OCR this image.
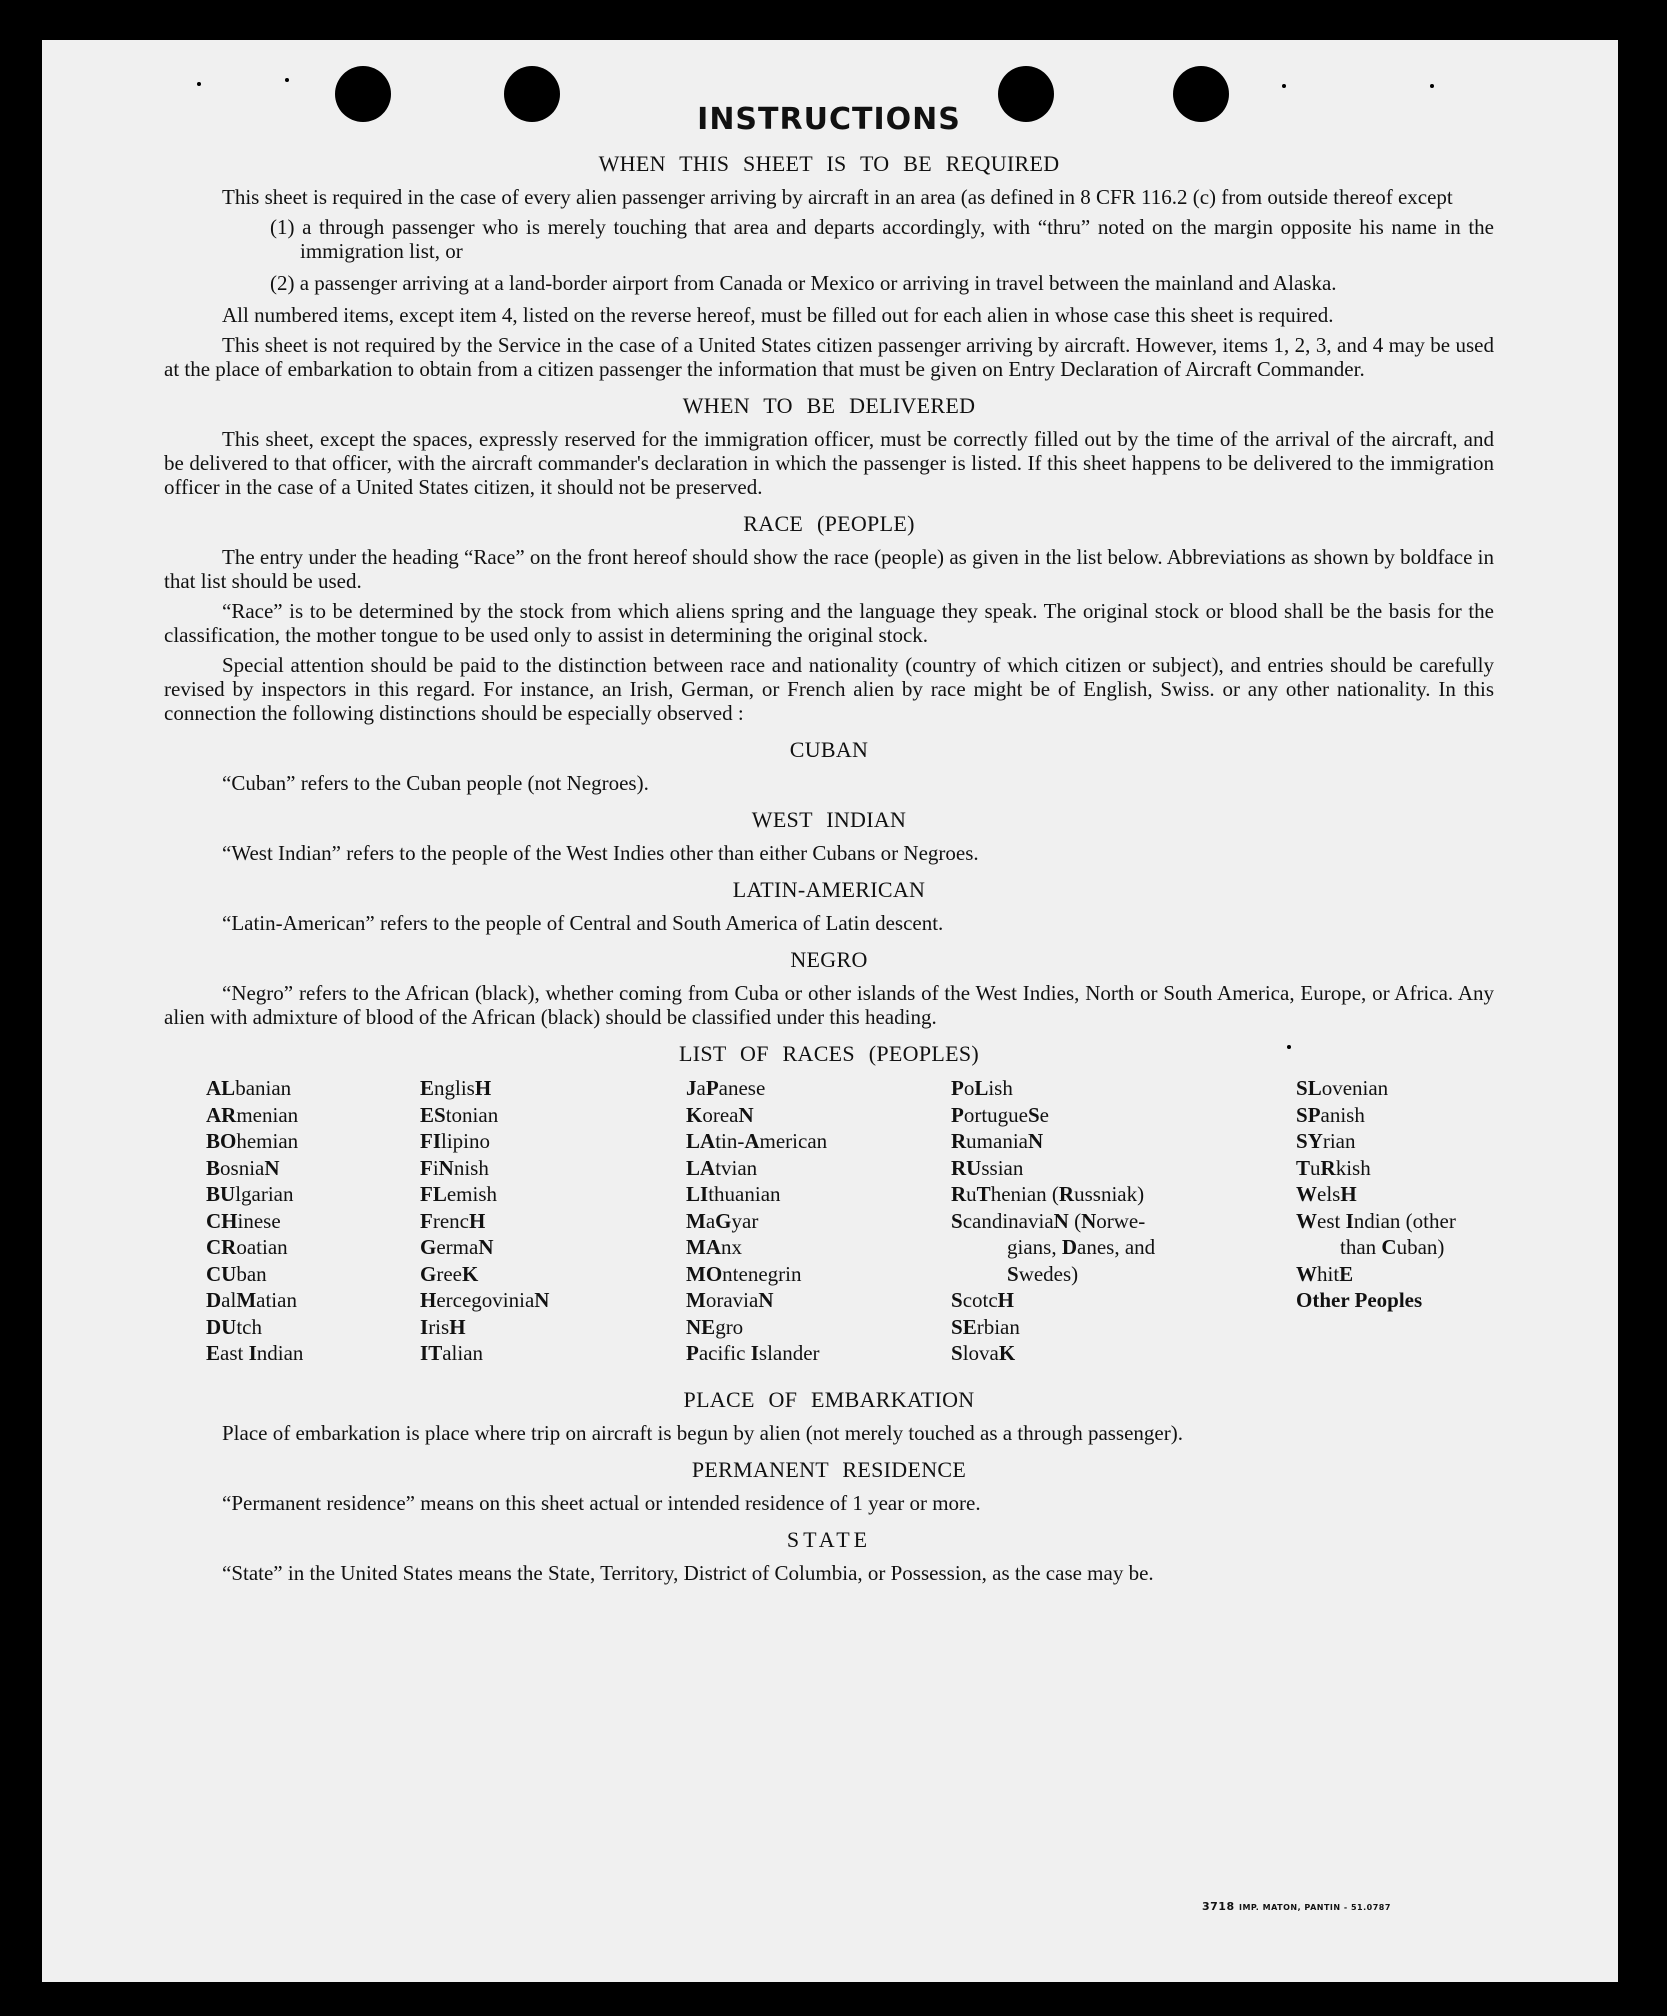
INSTRUCTIONS
WHEN THIS SHEET IS TO BE REQUIRED

This sheet is required in the case of every alien passenger arriving by aircraft in an area (as defined in 8 CFR 116.2 (c) from outside thereof except

(1) a through passenger who is merely touching that area and departs accordingly, with “thru” noted on the margin opposite his name in the immigration list, or
(2) a passenger arriving at a land-border airport from Canada or Mexico or arriving in travel between the mainland and Alaska.

All numbered items, except item 4, listed on the reverse hereof, must be filled out for each alien in whose case this sheet is required.

This sheet is not required by the Service in the case of a United States citizen passenger arriving by aircraft. However, items 1, 2, 3, and 4 may be used at the place of embarkation to obtain from a citizen passenger the information that must be given on Entry Declaration of Aircraft Commander.

WHEN TO BE DELIVERED

This sheet, except the spaces, expressly reserved for the immigration officer, must be correctly filled out by the time of the arrival of the aircraft, and be delivered to that officer, with the aircraft commander's declaration in which the passenger is listed. If this sheet happens to be delivered to the immigration officer in the case of a United States citizen, it should not be preserved.

RACE (PEOPLE)

The entry under the heading “Race” on the front hereof should show the race (people) as given in the list below. Abbreviations as shown by boldface in that list should be used.

“Race” is to be determined by the stock from which aliens spring and the language they speak. The original stock or blood shall be the basis for the classification, the mother tongue to be used only to assist in determining the original stock.

Special attention should be paid to the distinction between race and nationality (country of which citizen or subject), and entries should be carefully revised by inspectors in this regard. For instance, an Irish, German, or French alien by race might be of English, Swiss. or any other nationality. In this connection the following distinctions should be especially observed :

CUBAN

“Cuban” refers to the Cuban people (not Negroes).

WEST INDIAN

“West Indian” refers to the people of the West Indies other than either Cubans or Negroes.

LATIN-AMERICAN

“Latin-American” refers to the people of Central and South America of Latin descent.

NEGRO

“Negro” refers to the African (black), whether coming from Cuba or other islands of the West Indies, North or South America, Europe, or Africa. Any alien with admixture of blood of the African (black) should be classified under this heading.

LIST OF RACES (PEOPLES)
ALbanian
ARmenian
BOhemian
BosniaN
BUlgarian
CHinese
CRoatian
CUban
DalMatian
DUtch
East Indian
EnglisH
EStonian
FIlipino
FiNnish
FLemish
FrencH
GermaN
GreeK
HercegoviniaN
IrisH
ITalian
JaPanese
KoreaN
LAtin-American
LAtvian
LIthuanian
MaGyar
MAnx
MOntenegrin
MoraviaN
NEgro
Pacific Islander
PoLish
PortugueSe
RumaniaN
RUssian
RuThenian (Russniak)
ScandinaviaN (Norwe-
gians, Danes, and
Swedes)
ScotcH
SErbian
SlovaK
SLovenian
SPanish
SYrian
TuRkish
WelsH
West Indian (other
than Cuban)
WhitE
Other Peoples
PLACE OF EMBARKATION

Place of embarkation is place where trip on aircraft is begun by alien (not merely touched as a through passenger).

PERMANENT RESIDENCE

“Permanent residence” means on this sheet actual or intended residence of 1 year or more.

STATE

“State” in the United States means the State, Territory, District of Columbia, or Possession, as the case may be.

3718 IMP. MATON, PANTIN - 51.0787
